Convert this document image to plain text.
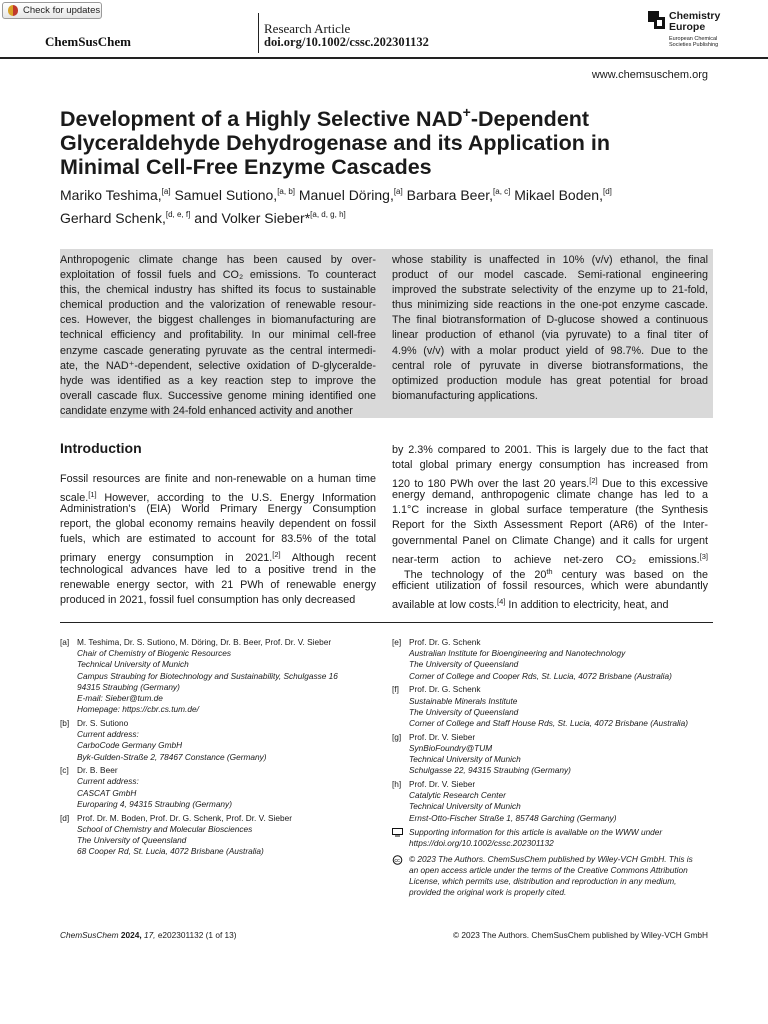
Check for updates
ChemSusChem
Research Article
doi.org/10.1002/cssc.202301132
Chemistry
Europe
European Chemical
Societies Publishing
www.chemsuschem.org
Development of a Highly Selective NAD+-Dependent
Glyceraldehyde Dehydrogenase and its Application in
Minimal Cell-Free Enzyme Cascades
Mariko Teshima,[a] Samuel Sutiono,[a, b] Manuel Döring,[a] Barbara Beer,[a, c] Mikael Boden,[d]
Gerhard Schenk,[d, e, f] and Volker Sieber*[a, d, g, h]
Anthropogenic climate change has been caused by over-
exploitation of fossil fuels and CO₂ emissions. To counteract
this, the chemical industry has shifted its focus to sustainable
chemical production and the valorization of renewable resour-
ces. However, the biggest challenges in biomanufacturing are
technical efficiency and profitability. In our minimal cell-free
enzyme cascade generating pyruvate as the central intermedi-
ate, the NAD⁺-dependent, selective oxidation of D-glyceralde-
hyde was identified as a key reaction step to improve the
overall cascade flux. Successive genome mining identified one
candidate enzyme with 24-fold enhanced activity and another
whose stability is unaffected in 10% (v/v) ethanol, the final
product of our model cascade. Semi-rational engineering
improved the substrate selectivity of the enzyme up to 21-fold,
thus minimizing side reactions in the one-pot enzyme cascade.
The final biotransformation of D-glucose showed a continuous
linear production of ethanol (via pyruvate) to a final titer of
4.9% (v/v) with a molar product yield of 98.7%. Due to the
central role of pyruvate in diverse biotransformations, the
optimized production module has great potential for broad
biomanufacturing applications.
Introduction
Fossil resources are finite and non-renewable on a human time
scale.[1] However, according to the U.S. Energy Information
Administration's (EIA) World Primary Energy Consumption
report, the global economy remains heavily dependent on fossil
fuels, which are estimated to account for 83.5% of the total
primary energy consumption in 2021.[2] Although recent
technological advances have led to a positive trend in the
renewable energy sector, with 21 PWh of renewable energy
produced in 2021, fossil fuel consumption has only decreased
by 2.3% compared to 2001. This is largely due to the fact that
total global primary energy consumption has increased from
120 to 180 PWh over the last 20 years.[2] Due to this excessive
energy demand, anthropogenic climate change has led to a
1.1°C increase in global surface temperature (the Synthesis
Report for the Sixth Assessment Report (AR6) of the Inter-
governmental Panel on Climate Change) and it calls for urgent
near-term action to achieve net-zero CO₂ emissions.[3]
The technology of the 20th century was based on the
efficient utilization of fossil resources, which were abundantly
available at low costs.[4] In addition to electricity, heat, and
[a] M. Teshima, Dr. S. Sutiono, M. Döring, Dr. B. Beer, Prof. Dr. V. Sieber
Chair of Chemistry of Biogenic Resources
Technical University of Munich
Campus Straubing for Biotechnology and Sustainability, Schulgasse 16
94315 Straubing (Germany)
E-mail: Sieber@tum.de
Homepage: https://cbr.cs.tum.de/
[b] Dr. S. Sutiono
Current address:
CarboCode Germany GmbH
Byk-Gulden-Straße 2, 78467 Constance (Germany)
[c] Dr. B. Beer
Current address:
CASCAT GmbH
Europaring 4, 94315 Straubing (Germany)
[d] Prof. Dr. M. Boden, Prof. Dr. G. Schenk, Prof. Dr. V. Sieber
School of Chemistry and Molecular Biosciences
The University of Queensland
68 Cooper Rd, St. Lucia, 4072 Brisbane (Australia)
[e] Prof. Dr. G. Schenk
Australian Institute for Bioengineering and Nanotechnology
The University of Queensland
Corner of College and Cooper Rds, St. Lucia, 4072 Brisbane (Australia)
[f] Prof. Dr. G. Schenk
Sustainable Minerals Institute
The University of Queensland
Corner of College and Staff House Rds, St. Lucia, 4072 Brisbane (Australia)
[g] Prof. Dr. V. Sieber
SynBioFoundry@TUM
Technical University of Munich
Schulgasse 22, 94315 Straubing (Germany)
[h] Prof. Dr. V. Sieber
Catalytic Research Center
Technical University of Munich
Ernst-Otto-Fischer Straße 1, 85748 Garching (Germany)
Supporting information for this article is available on the WWW under
https://doi.org/10.1002/cssc.202301132
cc © 2023 The Authors. ChemSusChem published by Wiley-VCH GmbH. This is
an open access article under the terms of the Creative Commons Attribution
License, which permits use, distribution and reproduction in any medium,
provided the original work is properly cited.
ChemSusChem 2024, 17, e202301132 (1 of 13)	© 2023 The Authors. ChemSusChem published by Wiley-VCH GmbH
